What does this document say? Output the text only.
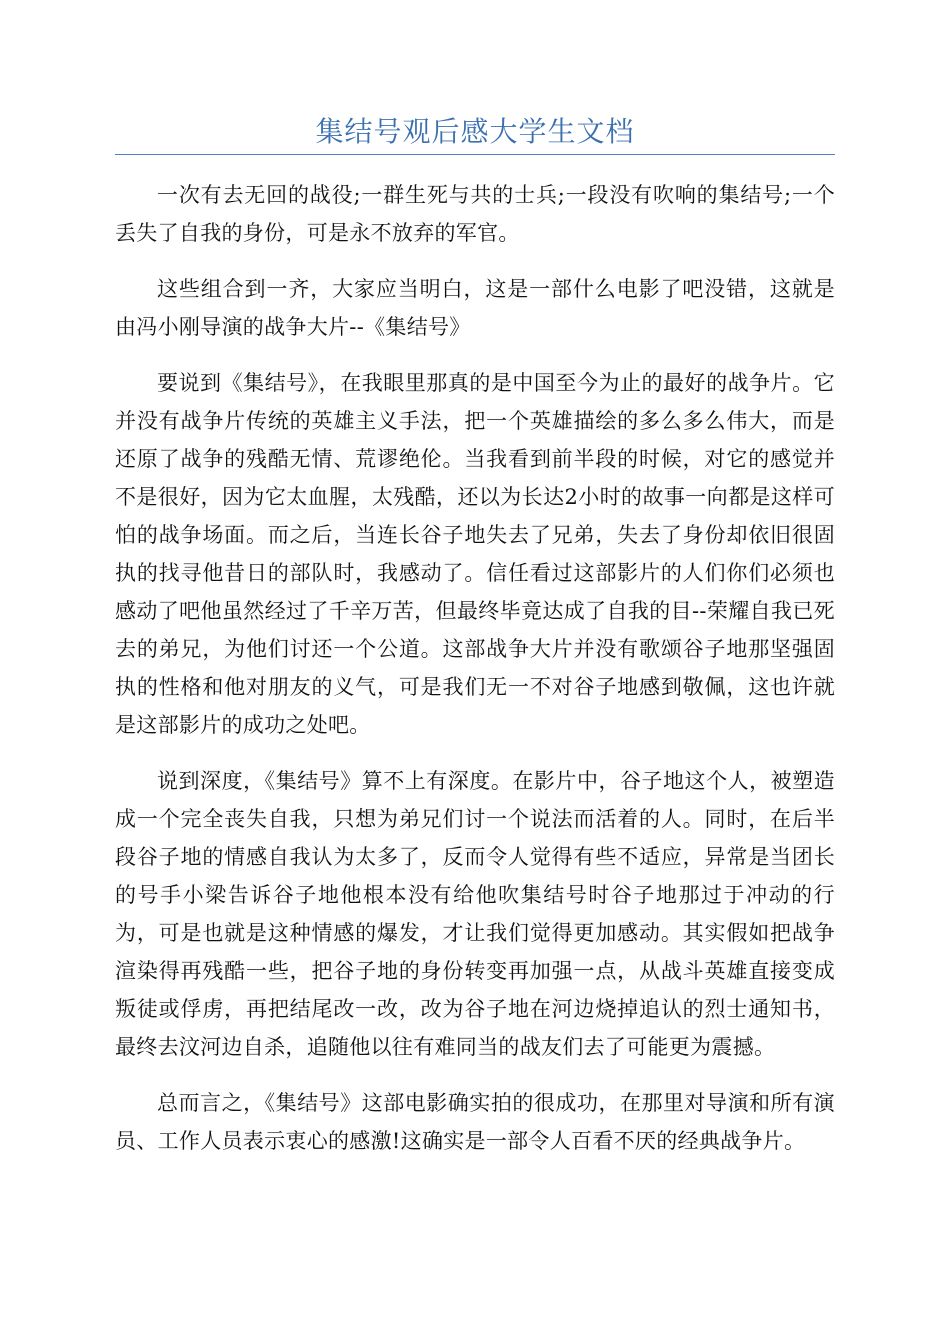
集结号观后感大学生文档

一次有去无回的战役;一群生死与共的士兵;一段没有吹响的集结号;一个丢失了自我的身份，可是永不放弃的军官。

这些组合到一齐，大家应当明白，这是一部什么电影了吧没错，这就是由冯小刚导演的战争大片--《集结号》

要说到《集结号》，在我眼里那真的是中国至今为止的最好的战争片。它并没有战争片传统的英雄主义手法，把一个英雄描绘的多么多么伟大，而是还原了战争的残酷无情、荒谬绝伦。当我看到前半段的时候，对它的感觉并不是很好，因为它太血腥，太残酷，还以为长达2小时的故事一向都是这样可怕的战争场面。而之后，当连长谷子地失去了兄弟，失去了身份却依旧很固执的找寻他昔日的部队时，我感动了。信任看过这部影片的人们你们必须也感动了吧他虽然经过了千辛万苦，但最终毕竟达成了自我的目--荣耀自我已死去的弟兄，为他们讨还一个公道。这部战争大片并没有歌颂谷子地那坚强固执的性格和他对朋友的义气，可是我们无一不对谷子地感到敬佩，这也许就是这部影片的成功之处吧。

说到深度，《集结号》算不上有深度。在影片中，谷子地这个人，被塑造成一个完全丧失自我，只想为弟兄们讨一个说法而活着的人。同时，在后半段谷子地的情感自我认为太多了，反而令人觉得有些不适应，异常是当团长的号手小梁告诉谷子地他根本没有给他吹集结号时谷子地那过于冲动的行为，可是也就是这种情感的爆发，才让我们觉得更加感动。其实假如把战争渲染得再残酷一些，把谷子地的身份转变再加强一点，从战斗英雄直接变成叛徒或俘虏，再把结尾改一改，改为谷子地在河边烧掉追认的烈士通知书，最终去汶河边自杀，追随他以往有难同当的战友们去了可能更为震撼。

总而言之，《集结号》这部电影确实拍的很成功，在那里对导演和所有演员、工作人员表示衷心的感激!这确实是一部令人百看不厌的经典战争片。
